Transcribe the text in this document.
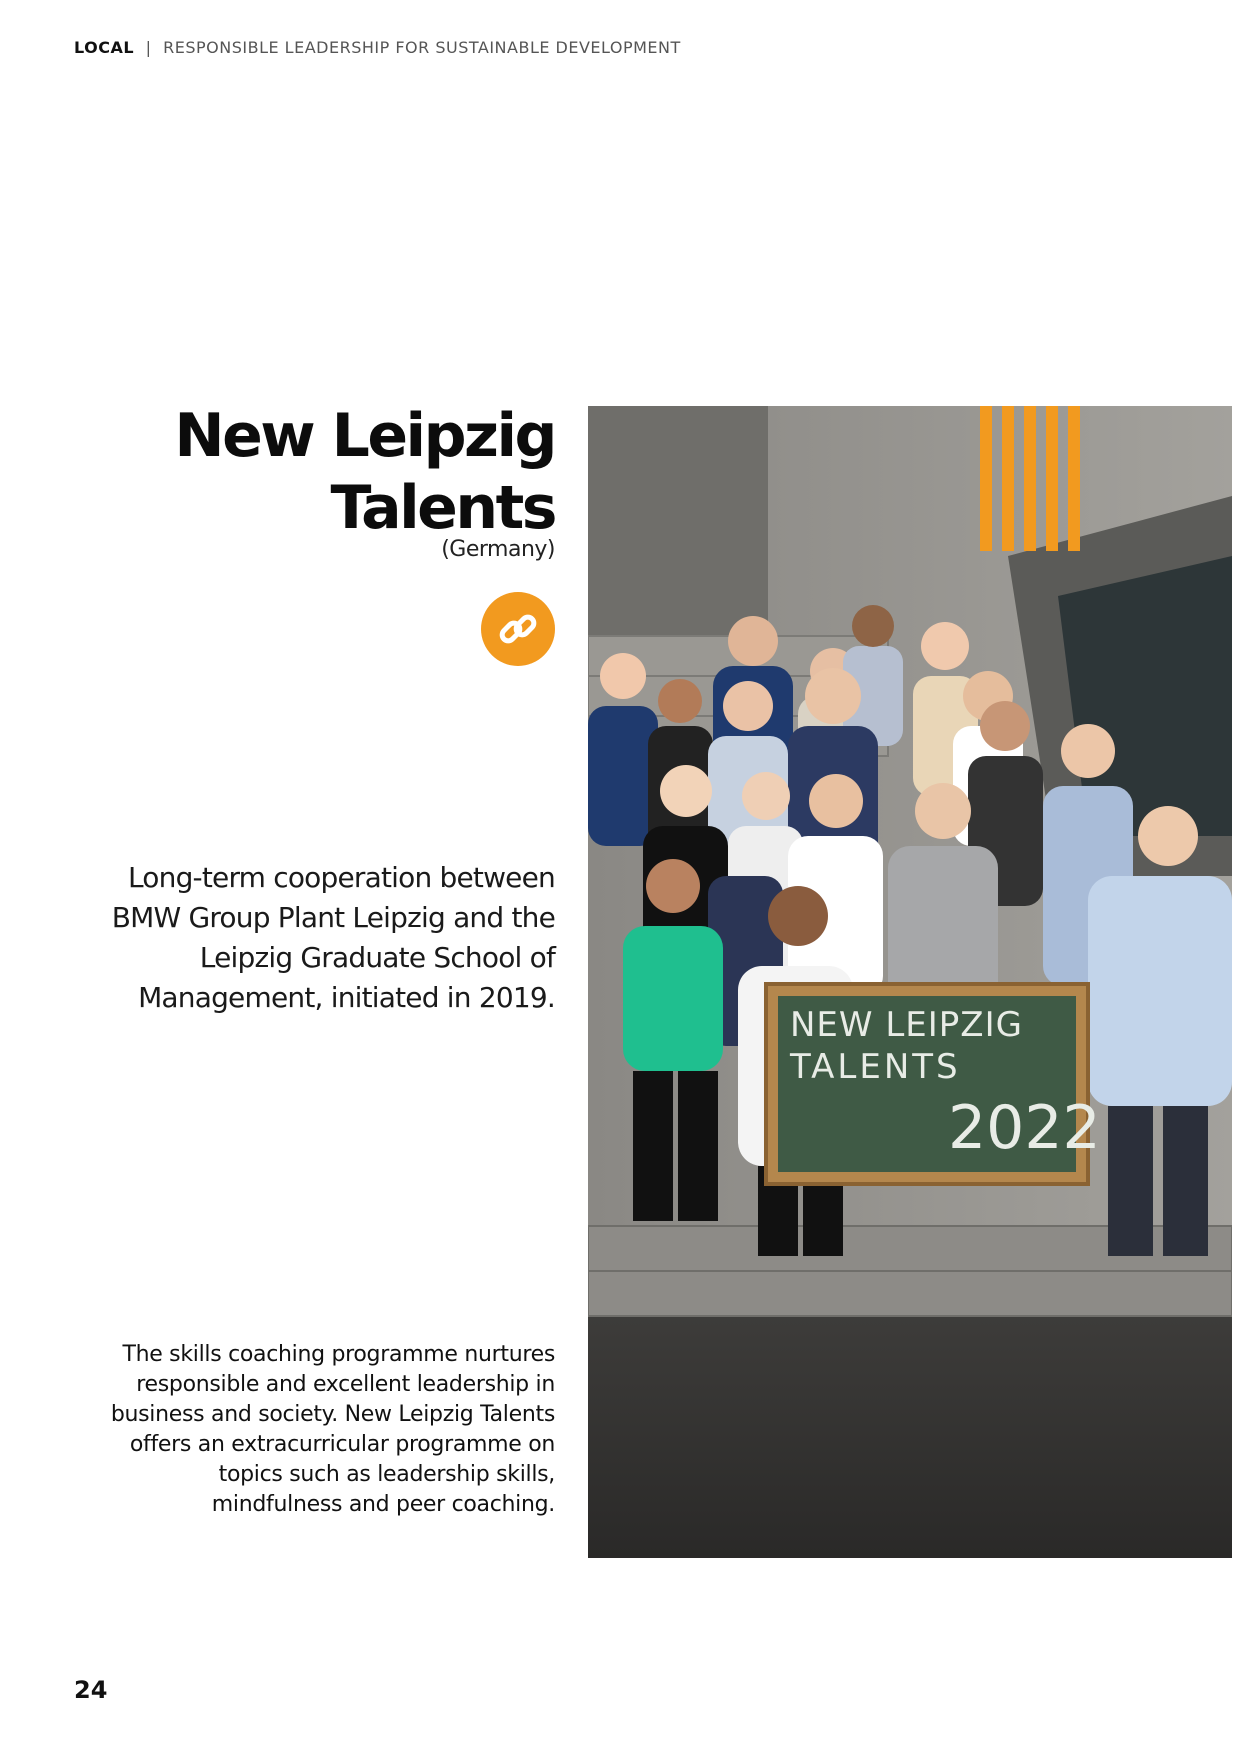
LOCAL | RESPONSIBLE LEADERSHIP FOR SUSTAINABLE DEVELOPMENT
New Leipzig
Talents
(Germany)
Long-term cooperation between BMW Group Plant Leipzig and the Leipzig Graduate School of Management, initiated in 2019.
The skills coaching programme nurtures responsible and excellent leadership in business and society. New Leipzig Talents offers an extracurricular programme on topics such as leadership skills, mindfulness and peer coaching.
NEW LEIPZIG
TALENTS
2022
24
